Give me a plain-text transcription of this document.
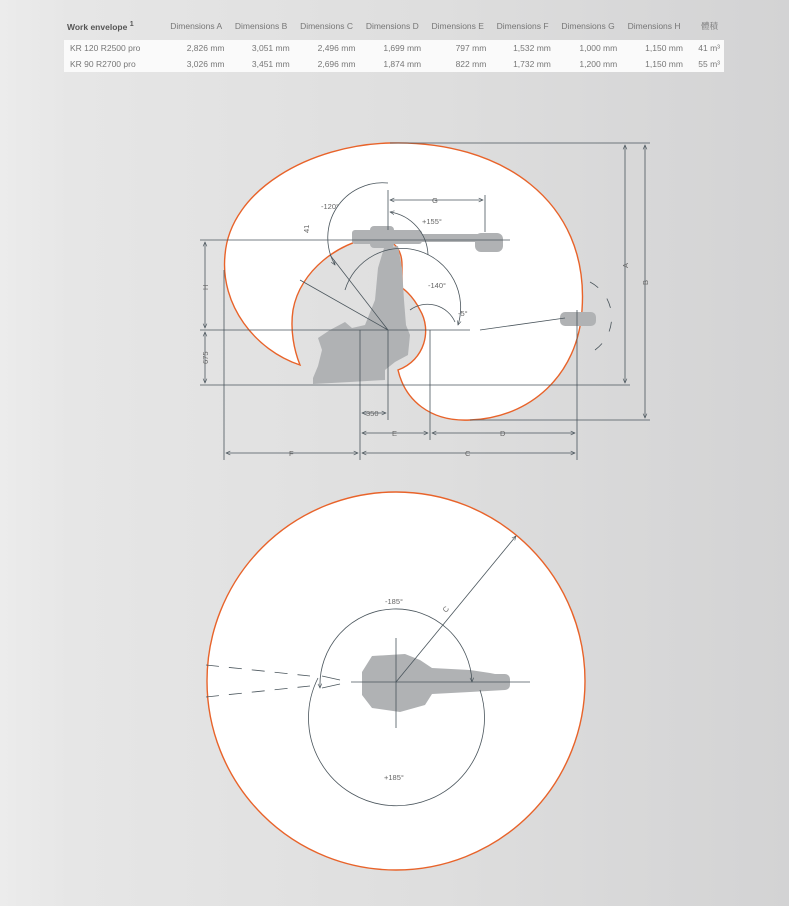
Work envelope $^1$	Dimensions A	Dimensions B	Dimensions C	Dimensions D	Dimensions E	Dimensions F	Dimensions G	Dimensions H	體積
KR 120 R2500 pro	2,826 mm	3,051 mm	2,496 mm	1,699 mm	797 mm	1,532 mm	1,000 mm	1,150 mm	41 m³
KR 90 R2700 pro	3,026 mm	3,451 mm	2,696 mm	1,874 mm	822 mm	1,732 mm	1,200 mm	1,150 mm	55 m³
-120°
+155°
-140°
-5°
G
E	D
F	C
350
H
675
41
A
B
-185°
+185°
C
